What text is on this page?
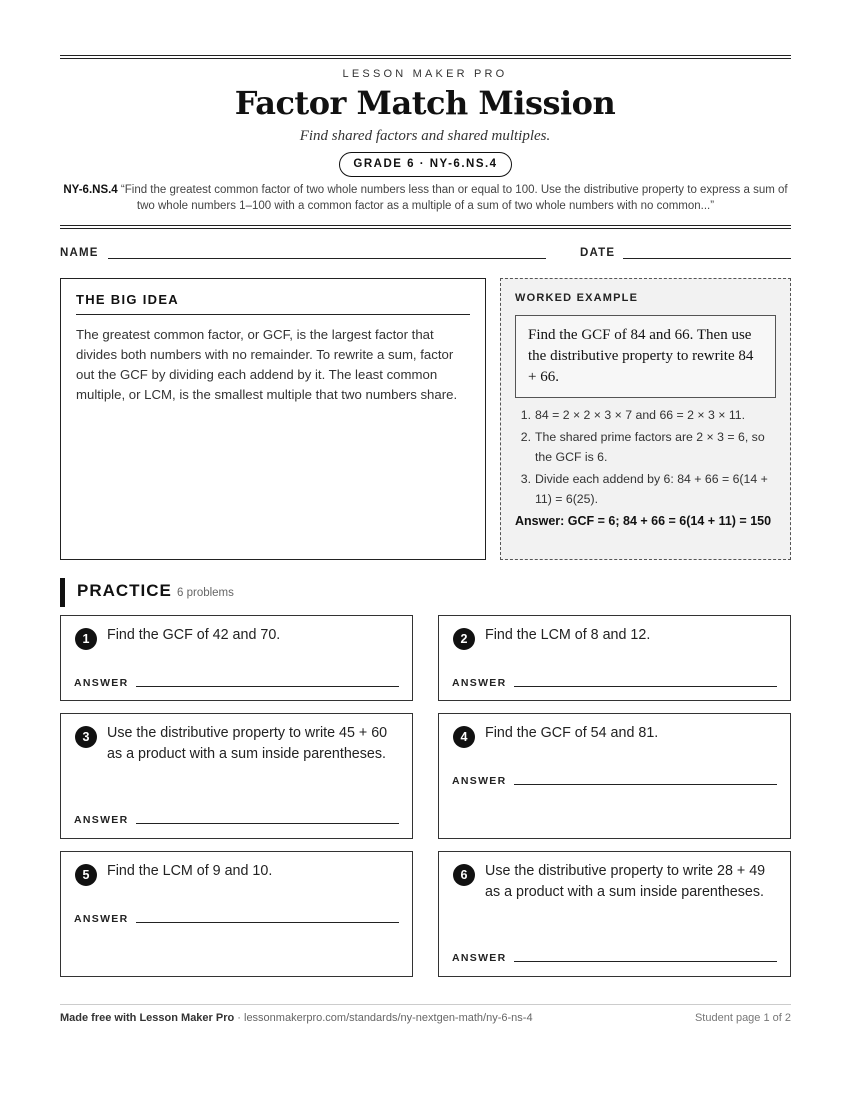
LESSON MAKER PRO
Factor Match Mission
Find shared factors and shared multiples.
GRADE 6 · NY-6.NS.4
NY-6.NS.4 “Find the greatest common factor of two whole numbers less than or equal to 100. Use the distributive property to express a sum of two whole numbers 1–100 with a common factor as a multiple of a sum of two whole numbers with no common...”
NAME	DATE
THE BIG IDEA
The greatest common factor, or GCF, is the largest factor that divides both numbers with no remainder. To rewrite a sum, factor out the GCF by dividing each addend by it. The least common multiple, or LCM, is the smallest multiple that two numbers share.
WORKED EXAMPLE
Find the GCF of 84 and 66. Then use the distributive property to rewrite 84 + 66.
1. 84 = 2 × 2 × 3 × 7 and 66 = 2 × 3 × 11.
2. The shared prime factors are 2 × 3 = 6, so the GCF is 6.
3. Divide each addend by 6: 84 + 66 = 6(14 + 11) = 6(25).
Answer: GCF = 6; 84 + 66 = 6(14 + 11) = 150
PRACTICE 6 problems
1	Find the GCF of 42 and 70.
ANSWER
2	Find the LCM of 8 and 12.
ANSWER
3	Use the distributive property to write 45 + 60 as a product with a sum inside parentheses.
ANSWER
4	Find the GCF of 54 and 81.
ANSWER
5	Find the LCM of 9 and 10.
ANSWER
6	Use the distributive property to write 28 + 49 as a product with a sum inside parentheses.
ANSWER
Made free with Lesson Maker Pro · lessonmakerpro.com/standards/ny-nextgen-math/ny-6-ns-4	Student page 1 of 2
